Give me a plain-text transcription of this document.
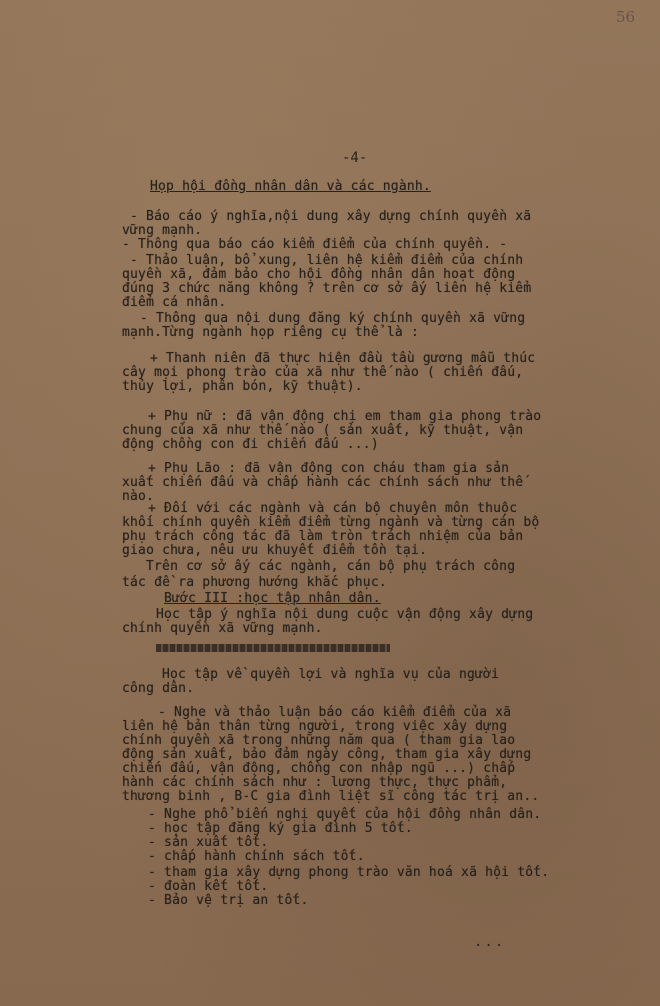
56
-4-
Họp hội đồng nhân dân và các ngành.
- Báo cáo ý nghĩa,nội dung xây dựng chính quyền xã
vững mạnh.
- Thông qua báo cáo kiểm điểm của chính quyền. -
- Thảo luận, bổ xung, liên hệ kiểm điểm của chính
quyền xã, đảm bảo cho hội đồng nhân dân hoạt động
đúng 3 chức năng không ? trên cơ sở ấy liên hệ kiểm
điểm cá nhân.
- Thông qua nội dung đăng ký chính quyền xã vững
mạnh.Từng ngành họp riêng cụ thể là :
+ Thanh niên đã thực hiện đầu tầu gương mẫu thúc
cây mọi phong trào của xã như thế nào ( chiến đấu,
thủy lợi, phân bón, kỹ thuật).
+ Phụ nữ : đã vận động chị em tham gia phong trào
chung của xã như thế nào ( sản xuất, kỹ thuật, vận
động chồng con đi chiến đấu ...)
+ Phụ Lão : đã vận động con cháu tham gia sản
xuất chiến đấu và chấp hành các chính sách như thế
nào.
+ Đối với các ngành và cán bộ chuyên môn thuộc
khối chính quyền kiểm điểm từng ngành và từng cán bộ
phụ trách công tác đã làm tròn trách nhiệm của bản
giao chưa, nêu ưu khuyết điểm tồn tại.
Trên cơ sở ấy các ngành, cán bộ phụ trách công
tác đề ra phương hướng khắc phục.
Bước III :học tập nhân dân.
Học tập ý nghĩa nội dung cuộc vận động xây dựng
chính quyền xã vững mạnh.
Học tập về quyền lợi và nghĩa vụ của người
công dân.
- Nghe và thảo luận báo cáo kiểm điểm của xã
liên hệ bản thân từng người, trong việc xây dựng
chính quyền xã trong những năm qua ( tham gia lao
động sản xuất, bảo đảm ngày công, tham gia xây dựng
chiến đấu, vận động, chồng con nhập ngũ ...) chấp
hành các chính sách như : lương thực, thực phẩm,
thương binh , B-C gia đình liệt sĩ công tác trị an..
- Nghe phổ biến nghị quyết của hội đồng nhân dân.
- học tập đăng ký gia đình 5 tốt.
- sản xuất tốt.
- chấp hành chính sách tốt.
- tham gia xây dựng phong trào văn hoá xã hội tốt.
- đoàn kết tốt.
- Bảo vệ trị an tốt.
...
